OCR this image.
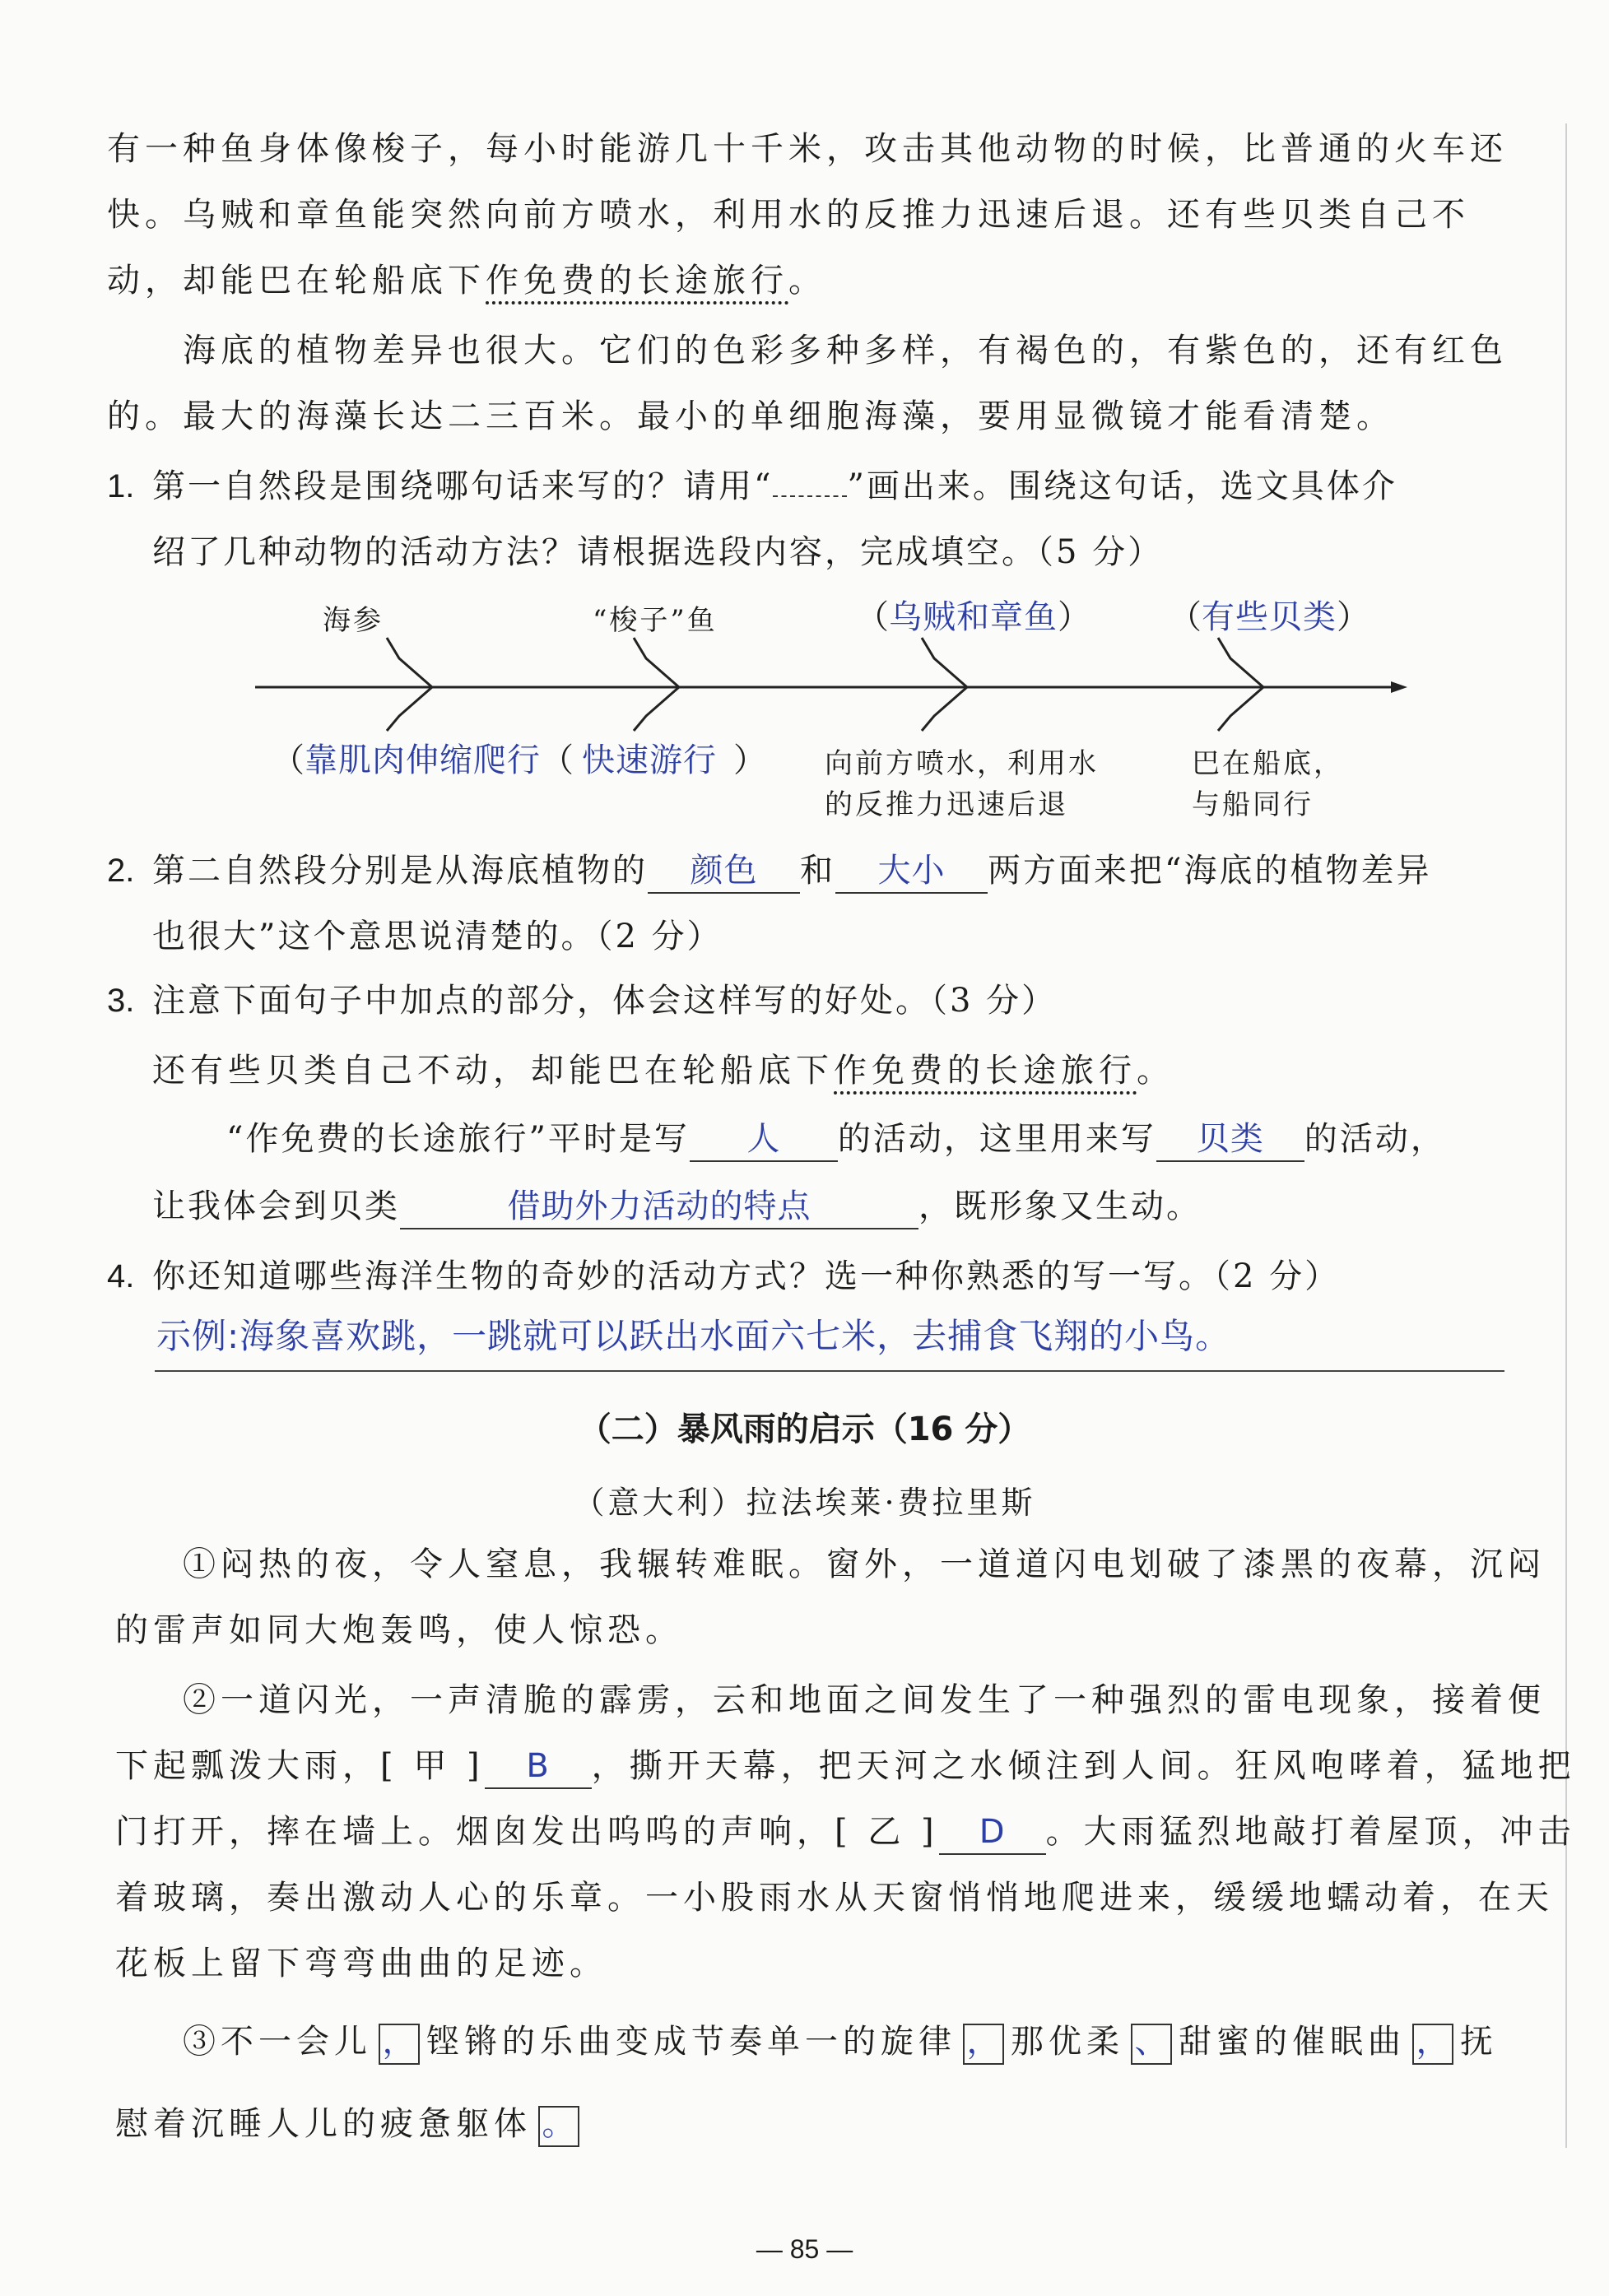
有一种鱼身体像梭子，每小时能游几十千米，攻击其他动物的时候，比普通的火车还
快。乌贼和章鱼能突然向前方喷水，利用水的反推力迅速后退。还有些贝类自己不
动，却能巴在轮船底下作免费的长途旅行。
海底的植物差异也很大。它们的色彩多种多样，有褐色的，有紫色的，还有红色
的。最大的海藻长达二三百米。最小的单细胞海藻，要用显微镜才能看清楚。
1. 第一自然段是围绕哪句话来写的？请用“ ”画出来。围绕这句话，选文具体介
绍了几种动物的活动方法？请根据选段内容，完成填空。（5 分）
海参	“梭子”鱼	（乌贼和章鱼） （有些贝类）
（靠肌肉伸缩爬行（ 快速游行 ） 向前方喷水，利用水
的反推力迅速后退
巴在船底，
与船同行
2. 第二自然段分别是从海底植物的 颜色 和 大小 两方面来把“海底的植物差异
也很大”这个意思说清楚的。（2 分）
3. 注意下面句子中加点的部分，体会这样写的好处。（3 分）
还有些贝类自己不动，却能巴在轮船底下作免费的长途旅行。
“作免费的长途旅行”平时是写 人 的活动，这里用来写 贝类 的活动，
让我体会到贝类	借助外力活动的特点	，既形象又生动。
4. 你还知道哪些海洋生物的奇妙的活动方式？选一种你熟悉的写一写。（2 分）
示例:海象喜欢跳，一跳就可以跃出水面六七米，去捕食飞翔的小鸟。
（二）暴风雨的启示（16 分）
（意大利）拉法埃莱·费拉里斯
①闷热的夜，令人窒息，我辗转难眠。窗外，一道道闪电划破了漆黑的夜幕，沉闷
的雷声如同大炮轰鸣，使人惊恐。
②一道闪光，一声清脆的霹雳，云和地面之间发生了一种强烈的雷电现象，接着便
下起瓢泼大雨，[ 甲 ] B ，撕开天幕，把天河之水倾注到人间。狂风咆哮着，猛地把
门打开，摔在墙上。烟囱发出呜呜的声响，[ 乙 ] D 。大雨猛烈地敲打着屋顶，冲击
着玻璃，奏出激动人心的乐章。一小股雨水从天窗悄悄地爬进来，缓缓地蠕动着，在天
花板上留下弯弯曲曲的足迹。
③不一会儿 ， 铿锵的乐曲变成节奏单一的旋律 ， 那优柔 、 甜蜜的催眠曲 ， 抚
慰着沉睡人儿的疲惫躯体 。
— 85 —
